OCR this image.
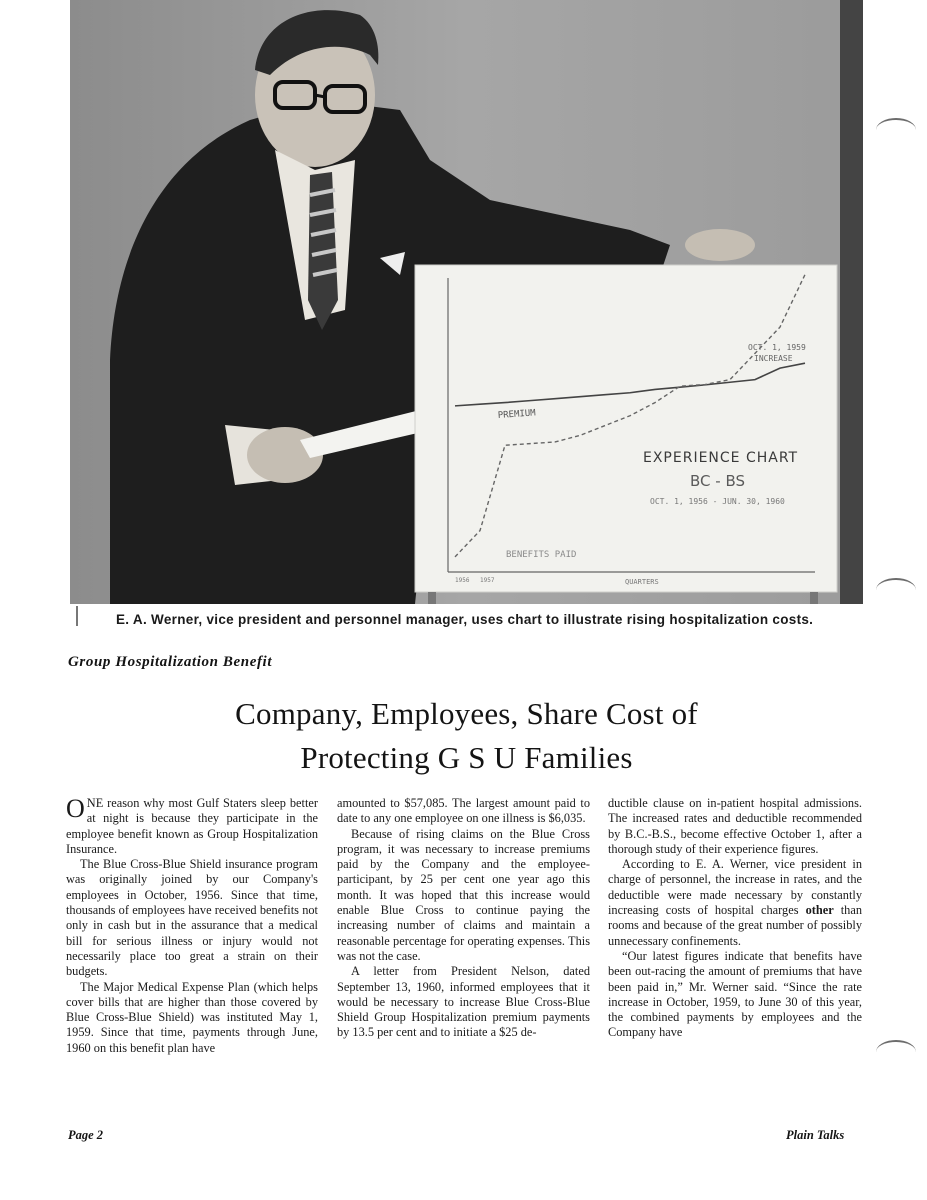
PREMIUM
BENEFITS PAID
OCT. 1, 1959
INCREASE
EXPERIENCE CHART
BC - BS
OCT. 1, 1956 - JUN. 30, 1960
QUARTERS
1956 1957
E. A. Werner, vice president and personnel manager, uses chart to illustrate rising hospitalization costs.
Group Hospitalization Benefit
Company, Employees, Share Cost of
Protecting G S U Families

ONE reason why most Gulf Staters sleep better at night is because they participate in the employee benefit known as Group Hospitalization Insurance.

The Blue Cross-Blue Shield insurance program was originally joined by our Company's employees in October, 1956. Since that time, thousands of employees have received benefits not only in cash but in the assurance that a medical bill for serious illness or injury would not necessarily place too great a strain on their budgets.

The Major Medical Expense Plan (which helps cover bills that are higher than those covered by Blue Cross-Blue Shield) was instituted May 1, 1959. Since that time, payments through June, 1960 on this benefit plan have

amounted to $57,085. The largest amount paid to date to any one employee on one illness is $6,035.

Because of rising claims on the Blue Cross program, it was necessary to increase premiums paid by the Company and the employee-participant, by 25 per cent one year ago this month. It was hoped that this increase would enable Blue Cross to continue paying the increasing number of claims and maintain a reasonable percentage for operating expenses. This was not the case.

A letter from President Nelson, dated September 13, 1960, informed employees that it would be necessary to increase Blue Cross-Blue Shield Group Hospitalization premium payments by 13.5 per cent and to initiate a $25 de-

ductible clause on in-patient hospital admissions. The increased rates and deductible recommended by B.C.-B.S., become effective October 1, after a thorough study of their experience figures.

According to E. A. Werner, vice president in charge of personnel, the increase in rates, and the deductible were made necessary by constantly increasing costs of hospital charges other than rooms and because of the great number of possibly unnecessary confinements.

“Our latest figures indicate that benefits have been out-racing the amount of premiums that have been paid in,” Mr. Werner said. “Since the rate increase in October, 1959, to June 30 of this year, the combined payments by employees and the Company have

Page 2	Plain Talks
